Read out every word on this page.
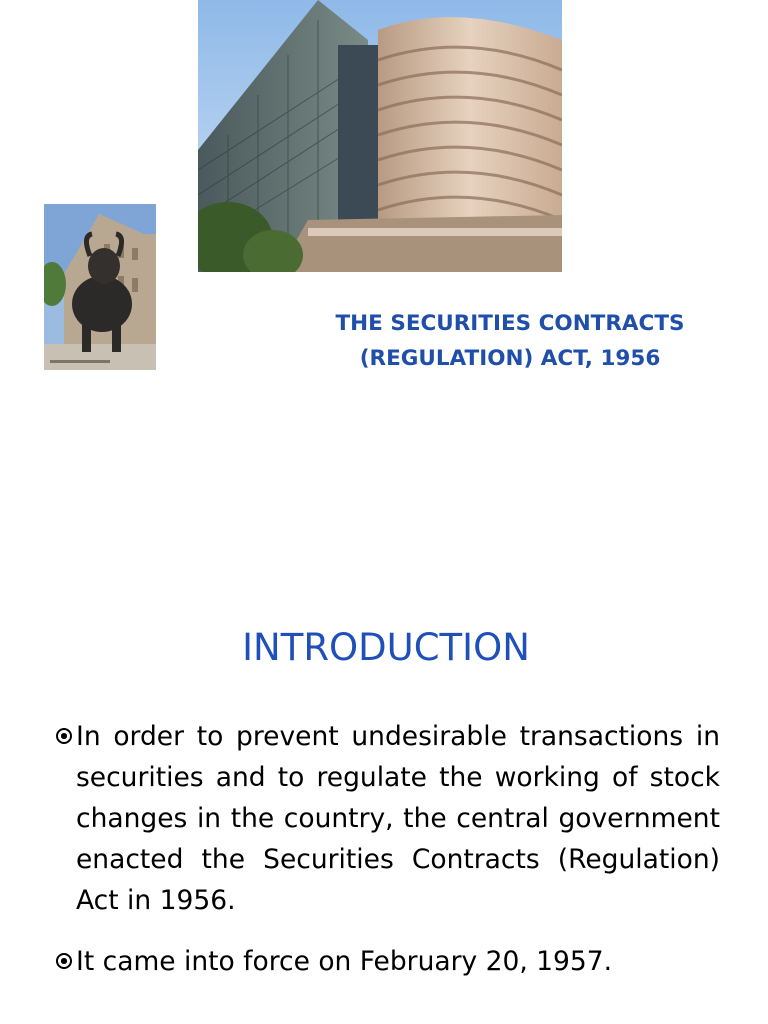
THE SECURITIES CONTRACTS
(REGULATION) ACT, 1956
INTRODUCTION
In order to prevent undesirable transactions in securities and to regulate the working of stock changes in the country, the central government enacted the Securities Contracts (Regulation) Act in 1956.
It came into force on February 20, 1957.
